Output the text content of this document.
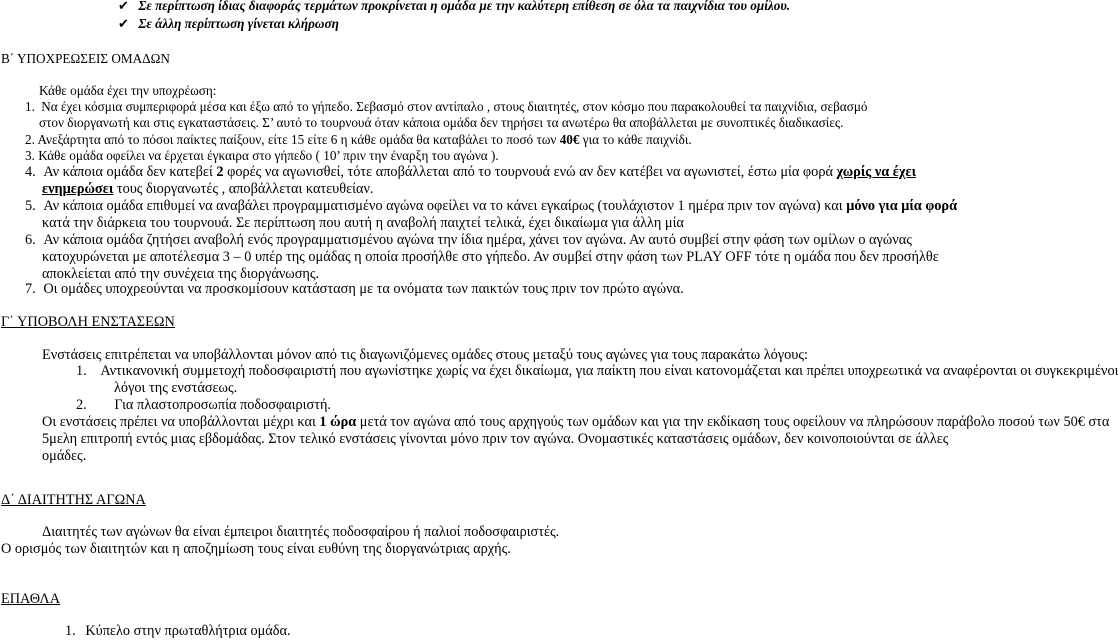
✔ Σε περίπτωση ίδιας διαφοράς τερμάτων προκρίνεται η ομάδα με την καλύτερη επίθεση σε όλα τα παιχνίδια του ομίλου.
✔ Σε άλλη περίπτωση γίνεται κλήρωση
Β΄ ΥΠΟΧΡΕΩΣΕΙΣ ΟΜΑΔΩΝ
Κάθε ομάδα έχει την υποχρέωση:
1. Να έχει κόσμια συμπεριφορά μέσα και έξω από το γήπεδο. Σεβασμό στον αντίπαλο , στους διαιτητές, στον κόσμο που παρακολουθεί τα παιχνίδια, σεβασμό
στον διοργανωτή και στις εγκαταστάσεις. Σ’ αυτό το τουρνουά όταν κάποια ομάδα δεν τηρήσει τα ανωτέρω θα αποβάλλεται με συνοπτικές διαδικασίες.
2. Ανεξάρτητα από το πόσοι παίκτες παίξουν, είτε 15 είτε 6 η κάθε ομάδα θα καταβάλει το ποσό των 40€ για το κάθε παιχνίδι.
3. Κάθε ομάδα οφείλει να έρχεται έγκαιρα στο γήπεδο ( 10’ πριν την έναρξη του αγώνα ).
4. Αν κάποια ομάδα δεν κατεβεί 2 φορές να αγωνισθεί, τότε αποβάλλεται από το τουρνουά ενώ αν δεν κατέβει να αγωνιστεί, έστω μία φορά χωρίς να έχει
ενημερώσει τους διοργανωτές , αποβάλλεται κατευθείαν.
5. Αν κάποια ομάδα επιθυμεί να αναβάλει προγραμματισμένο αγώνα οφείλει να το κάνει εγκαίρως (τουλάχιστον 1 ημέρα πριν τον αγώνα) και μόνο για μία φορά
κατά την διάρκεια του τουρνουά. Σε περίπτωση που αυτή η αναβολή παιχτεί τελικά, έχει δικαίωμα για άλλη μία
6. Αν κάποια ομάδα ζητήσει αναβολή ενός προγραμματισμένου αγώνα την ίδια ημέρα, χάνει τον αγώνα. Αν αυτό συμβεί στην φάση των ομίλων ο αγώνας
κατοχυρώνεται με αποτέλεσμα 3 – 0 υπέρ της ομάδας η οποία προσήλθε στο γήπεδο. Αν συμβεί στην φάση των PLAY OFF τότε η ομάδα που δεν προσήλθε
αποκλείεται από την συνέχεια της διοργάνωσης.
7. Οι ομάδες υποχρεούνται να προσκομίσουν κατάσταση με τα ονόματα των παικτών τους πριν τον πρώτο αγώνα.
Γ΄ ΥΠΟΒΟΛΗ ΕΝΣΤΑΣΕΩΝ
Ενστάσεις επιτρέπεται να υποβάλλονται μόνον από τις διαγωνιζόμενες ομάδες στους μεταξύ τους αγώνες για τους παρακάτω λόγους:
1. Αντικανονική συμμετοχή ποδοσφαιριστή που αγωνίστηκε χωρίς να έχει δικαίωμα, για παίκτη που είναι κατονομάζεται και πρέπει υποχρεωτικά να αναφέρονται οι συγκεκριμένοι
λόγοι της ενστάσεως.
2. Για πλαστοπροσωπία ποδοσφαιριστή.
Οι ενστάσεις πρέπει να υποβάλλονται μέχρι και 1 ώρα μετά τον αγώνα από τους αρχηγούς των ομάδων και για την εκδίκαση τους οφείλουν να πληρώσουν παράβολο ποσού των 50€ στα
5μελη επιτροπή εντός μιας εβδομάδας. Στον τελικό ενστάσεις γίνονται μόνο πριν τον αγώνα. Ονομαστικές καταστάσεις ομάδων, δεν κοινοποιούνται σε άλλες
ομάδες.
Δ΄ ΔΙΑΙΤΗΤΗΣ ΑΓΩΝΑ
Διαιτητές των αγώνων θα είναι έμπειροι διαιτητές ποδοσφαίρου ή παλιοί ποδοσφαιριστές.
Ο ορισμός των διαιτητών και η αποζημίωση τους είναι ευθύνη της διοργανώτριας αρχής.
ΕΠΑΘΛΑ
1. Κύπελο στην πρωταθλήτρια ομάδα.
